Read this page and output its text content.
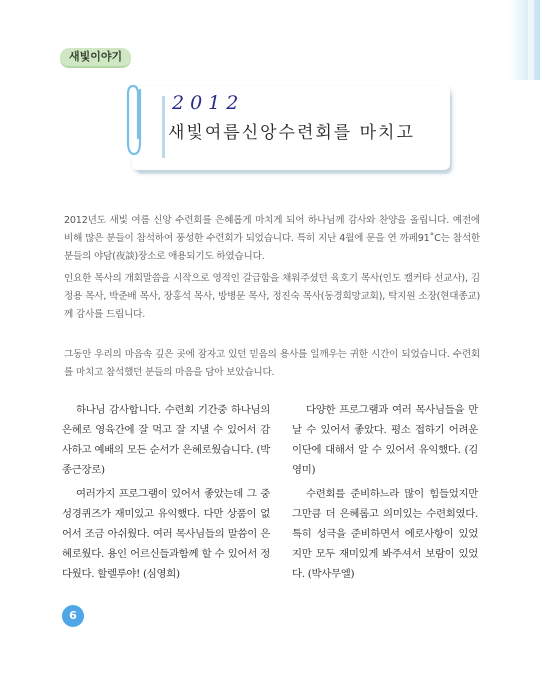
새빛이야기
2012
새빛여름신앙수련회를 마치고

2012년도 새빛 여름 신앙 수련회를 은혜롭게 마치게 되어 하나님께 감사와 찬양을 올립니다. 예전에 비해 많은 분들이 참석하여 풍성한 수련회가 되었습니다. 특히 지난 4월에 문을 연 까페91˚C는 참석한 분들의 야담(夜談)장소로 애용되기도 하였습니다.

인요한 목사의 개회말씀을 시작으로 영적인 갈급함을 채워주셨던 육호기 목사(인도 캘커타 선교사), 김정용 목사, 박준배 목사, 장홍석 목사, 방병문 목사, 정진숙 목사(동경희망교회), 탁지원 소장(현대종교)께 감사를 드립니다.

그동안 우리의 마음속 깊은 곳에 잠자고 있던 믿음의 용사를 일깨우는 귀한 시간이 되었습니다. 수련회를 마치고 참석했던 분들의 마음을 담아 보았습니다.

하나님 감사합니다. 수련회 기간중 하나님의 은혜로 영육간에 잘 먹고 잘 지낼 수 있어서 감사하고 예배의 모든 순서가 은혜로웠습니다. (박종근장로)

다양한 프로그램과 여러 목사님들을 만날 수 있어서 좋았다. 평소 접하기 어려운 이단에 대해서 알 수 있어서 유익했다. (김영미)

여러가지 프로그램이 있어서 좋았는데 그 중 성경퀴즈가 재미있고 유익했다. 다만 상품이 없어서 조금 아쉬웠다. 여러 목사님들의 말씀이 은혜로웠다. 용인 어르신들과함께 할 수 있어서 정다웠다. 할렐루야! (심영희)

수련회를 준비하느라 많이 힘들었지만 그만큼 더 은혜롭고 의미있는 수련회였다. 특히 성극을 준비하면서 에로사항이 있었지만 모두 재미있게 봐주셔서 보람이 있었다. (박사무엘)

6
